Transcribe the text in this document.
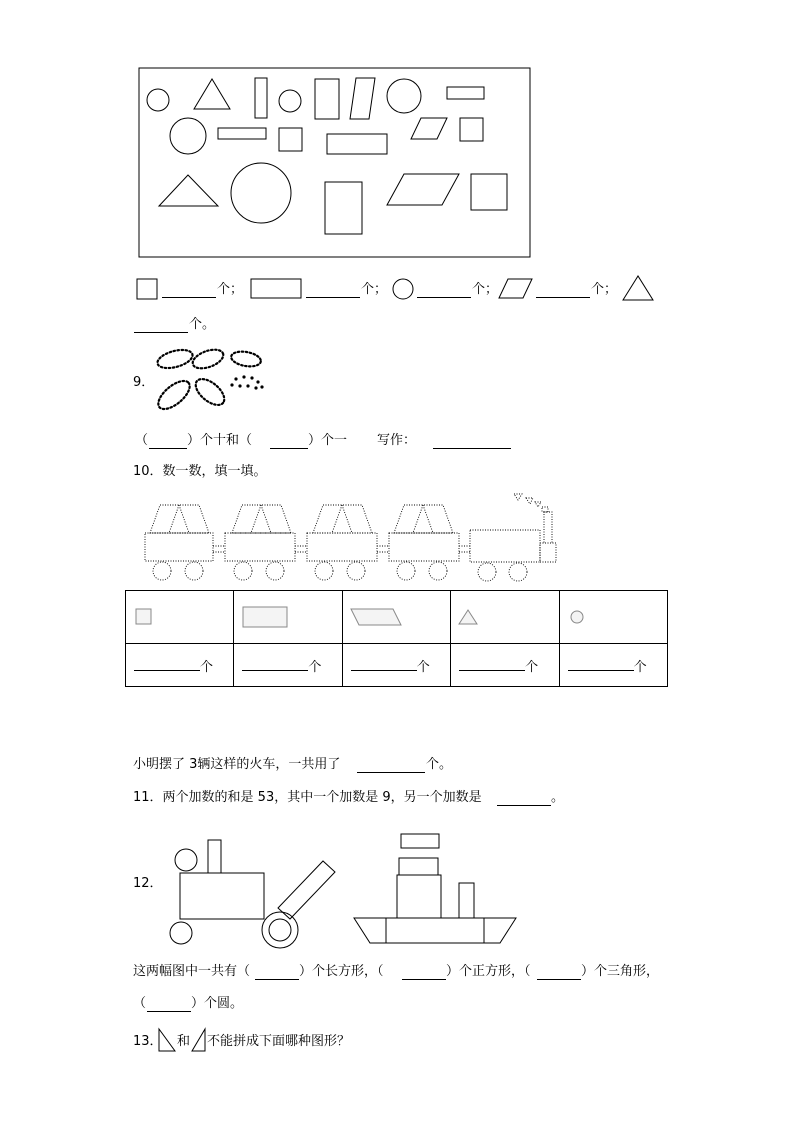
个；	个；	个；	个；
个。
9．
（	）个十和（	）个一 写作：
10．数一数，填一填。

个	个	个	个	个
小明摆了 3辆这样的火车，一共用了	个。
11．两个加数的和是 53，其中一个加数是 9，另一个加数是	。
12．
这两幅图中一共有（	）个长方形，（	）个正方形，（	）个三角形，
（	）个圆。
13． 和 不能拼成下面哪种图形？
